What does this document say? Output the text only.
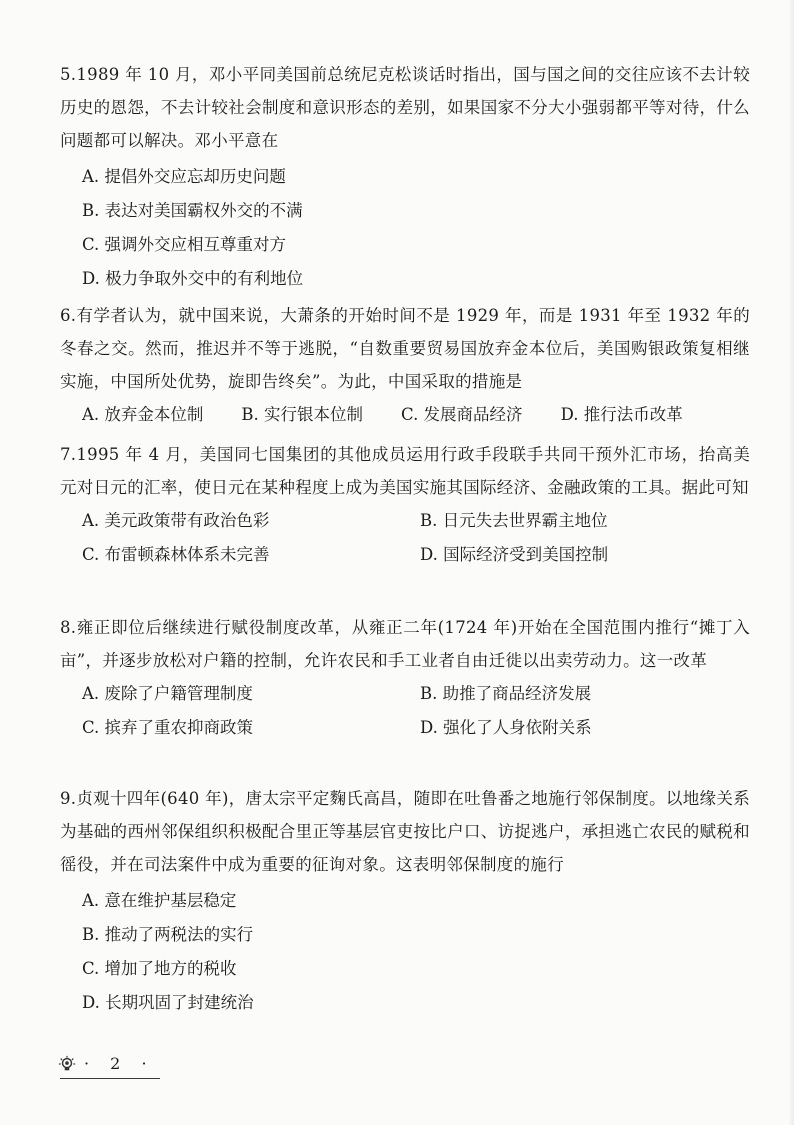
5.1989 年 10 月，邓小平同美国前总统尼克松谈话时指出，国与国之间的交往应该不去计较历史的恩怨，不去计较社会制度和意识形态的差别，如果国家不分大小强弱都平等对待，什么问题都可以解决。邓小平意在

A. 提倡外交应忘却历史问题

B. 表达对美国霸权外交的不满

C. 强调外交应相互尊重对方

D. 极力争取外交中的有利地位

6.有学者认为，就中国来说，大萧条的开始时间不是 1929 年，而是 1931 年至 1932 年的冬春之交。然而，推迟并不等于逃脱，“自数重要贸易国放弃金本位后，美国购银政策复相继实施，中国所处优势，旋即告终矣”。为此，中国采取的措施是

A. 放弃金本位制 B. 实行银本位制 C. 发展商品经济 D. 推行法币改革

7.1995 年 4 月，美国同七国集团的其他成员运用行政手段联手共同干预外汇市场，抬高美元对日元的汇率，使日元在某种程度上成为美国实施其国际经济、金融政策的工具。据此可知

A. 美元政策带有政治色彩	B. 日元失去世界霸主地位
C. 布雷顿森林体系未完善	D. 国际经济受到美国控制

8.雍正即位后继续进行赋役制度改革，从雍正二年(1724 年)开始在全国范围内推行“摊丁入亩”，并逐步放松对户籍的控制，允许农民和手工业者自由迁徙以出卖劳动力。这一改革

A. 废除了户籍管理制度	B. 助推了商品经济发展
C. 摈弃了重农抑商政策	D. 强化了人身依附关系

9.贞观十四年(640 年)，唐太宗平定麴氏高昌，随即在吐鲁番之地施行邻保制度。以地缘关系为基础的西州邻保组织积极配合里正等基层官吏按比户口、访捉逃户，承担逃亡农民的赋税和徭役，并在司法案件中成为重要的征询对象。这表明邻保制度的施行

A. 意在维护基层稳定

B. 推动了两税法的实行

C. 增加了地方的税收

D. 长期巩固了封建统治

· 2 ·
